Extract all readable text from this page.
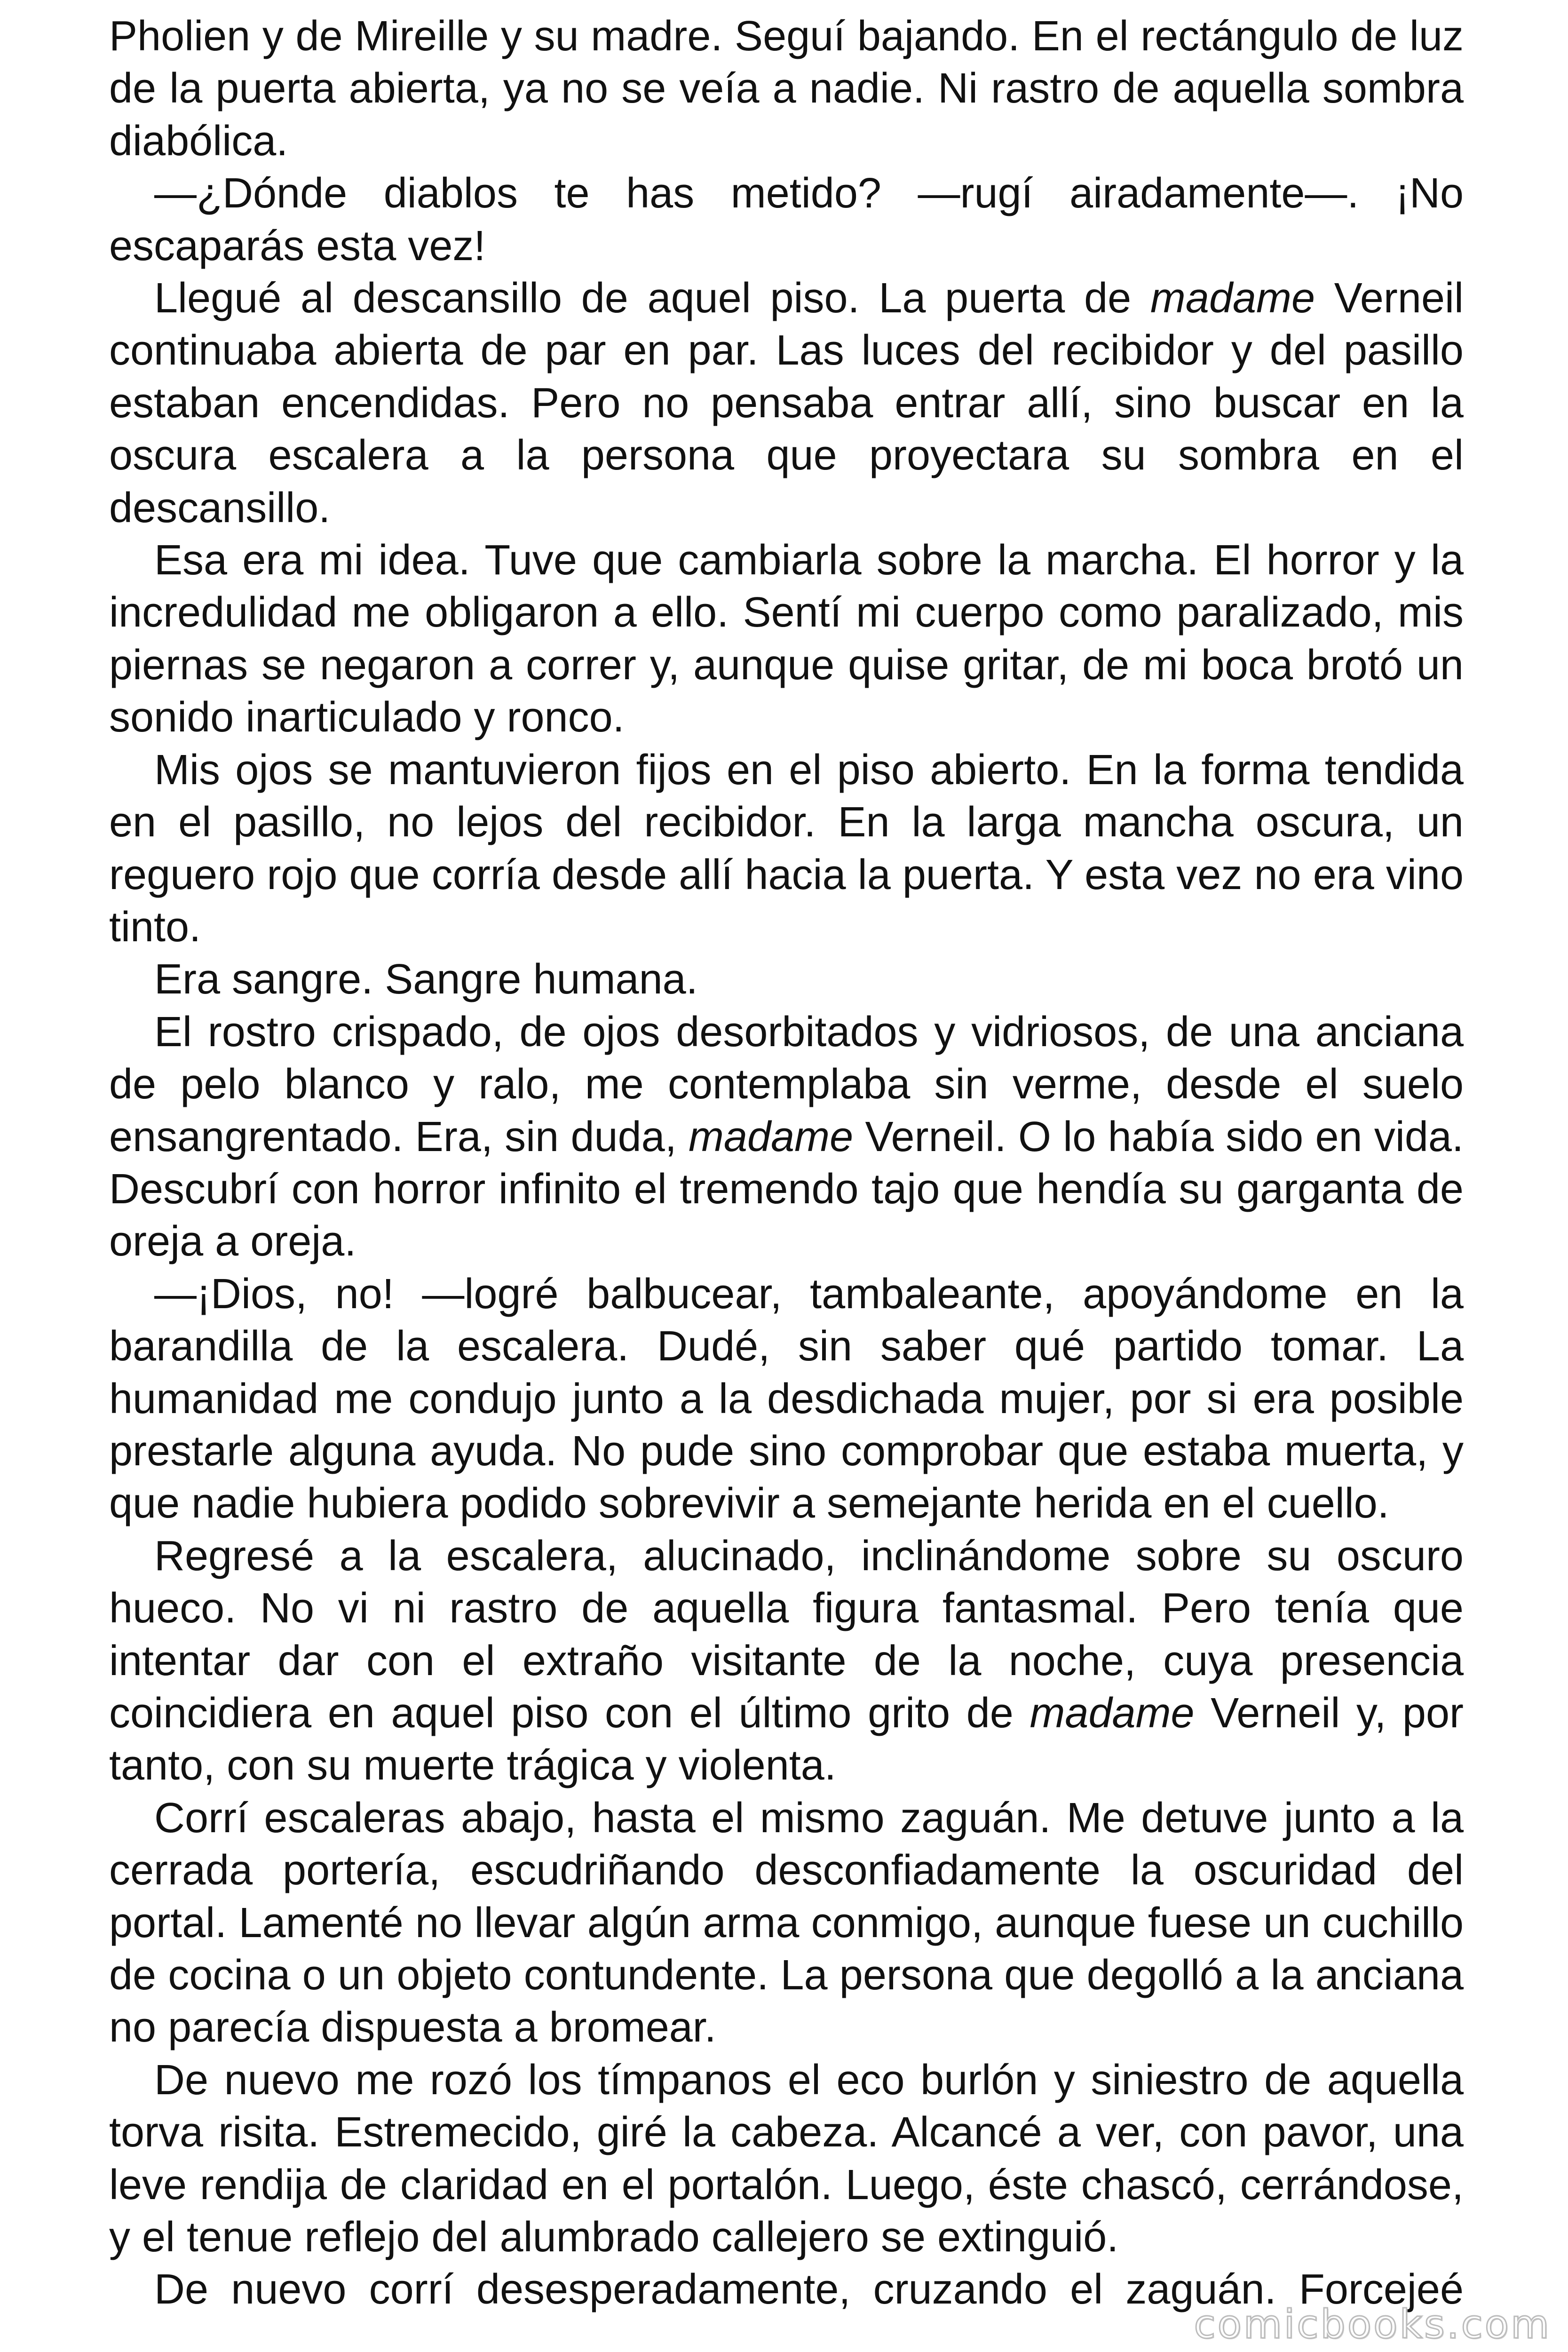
Pholien y de Mireille y su madre. Seguí bajando. En el rectángulo de luz de la puerta abierta, ya no se veía a nadie. Ni rastro de aquella sombra diabólica.

—¿Dónde diablos te has metido? —rugí airadamente—. ¡No escaparás esta vez!

Llegué al descansillo de aquel piso. La puerta de madame Verneil continuaba abierta de par en par. Las luces del recibidor y del pasillo estaban encendidas. Pero no pensaba entrar allí, sino buscar en la oscura escalera a la persona que proyectara su sombra en el descansillo.

Esa era mi idea. Tuve que cambiarla sobre la marcha. El horror y la incredulidad me obligaron a ello. Sentí mi cuerpo como paralizado, mis piernas se negaron a correr y, aunque quise gritar, de mi boca brotó un sonido inarticulado y ronco.

Mis ojos se mantuvieron fijos en el piso abierto. En la forma tendida en el pasillo, no lejos del recibidor. En la larga mancha oscura, un reguero rojo que corría desde allí hacia la puerta. Y esta vez no era vino tinto.

Era sangre. Sangre humana.

El rostro crispado, de ojos desorbitados y vidriosos, de una anciana de pelo blanco y ralo, me contemplaba sin verme, desde el suelo ensangrentado. Era, sin duda, madame Verneil. O lo había sido en vida. Descubrí con horror infinito el tremendo tajo que hendía su garganta de oreja a oreja.

—¡Dios, no! —logré balbucear, tambaleante, apoyándome en la barandilla de la escalera. Dudé, sin saber qué partido tomar. La humanidad me condujo junto a la desdichada mujer, por si era posible prestarle alguna ayuda. No pude sino comprobar que estaba muerta, y que nadie hubiera podido sobrevivir a semejante herida en el cuello.

Regresé a la escalera, alucinado, inclinándome sobre su oscuro hueco. No vi ni rastro de aquella figura fantasmal. Pero tenía que intentar dar con el extraño visitante de la noche, cuya presencia coincidiera en aquel piso con el último grito de madame Verneil y, por tanto, con su muerte trágica y violenta.

Corrí escaleras abajo, hasta el mismo zaguán. Me detuve junto a la cerrada portería, escudriñando desconfiadamente la oscuridad del portal. Lamenté no llevar algún arma conmigo, aunque fuese un cuchillo de cocina o un objeto contundente. La persona que degolló a la anciana no parecía dispuesta a bromear.

De nuevo me rozó los tímpanos el eco burlón y siniestro de aquella torva risita. Estremecido, giré la cabeza. Alcancé a ver, con pavor, una leve rendija de claridad en el portalón. Luego, éste chascó, cerrándose, y el tenue reflejo del alumbrado callejero se extinguió.

De nuevo corrí desesperadamente, cruzando el zaguán. Forcejeé

comicbooks.com
